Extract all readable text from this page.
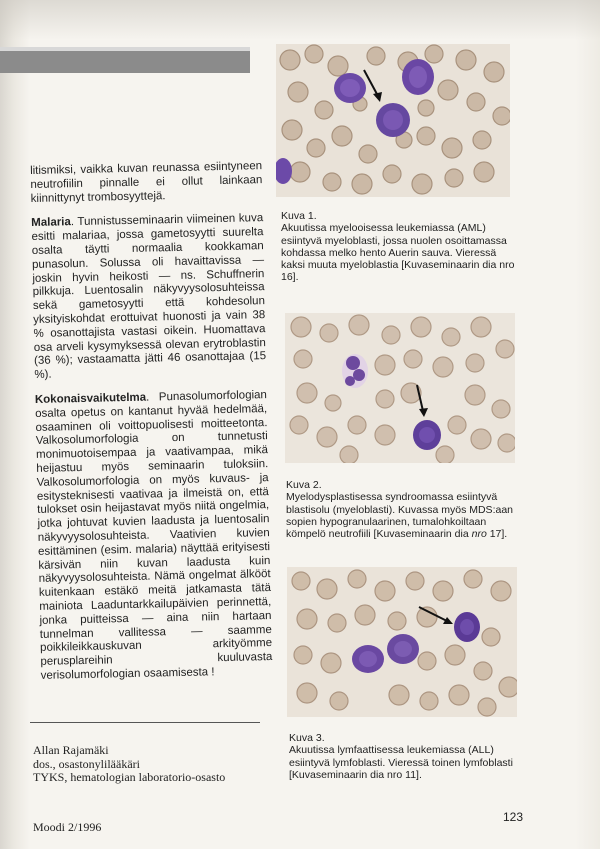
litismiksi, vaikka kuvan reunassa esiintyneen neutrofiilin pinnalle ei ollut lainkaan kiinnittynyt trombosyyttejä.

Malaria. Tunnistusseminaarin viimeinen kuva esitti malariaa, jossa gametosyytti suurelta osalta täytti normaalia kookkaman punasolun. Solussa oli havaittavissa — joskin hyvin heikosti — ns. Schuffnerin pilkkuja. Luentosalin näkyvyysolosuhteissa sekä gametosyytti että kohdesolun yksityiskohdat erottuivat huonosti ja vain 38 % osanottajista vastasi oikein. Huomattava osa arveli kysymyksessä olevan erytroblastin (36 %); vastaamatta jätti 46 osanottajaa (15 %).

Kokonaisvaikutelma. Punasolumorfologian osalta opetus on kantanut hyvää hedelmää, osaaminen oli voittopuolisesti moitteetonta. Valkosolumorfologia on tunnetusti monimuotoisempaa ja vaativampaa, mikä heijastuu myös seminaarin tuloksiin. Valkosolumorfologia on myös kuvaus- ja esitysteknisesti vaativaa ja ilmeistä on, että tulokset osin heijastavat myös niitä ongelmia, jotka johtuvat kuvien laadusta ja luentosalin näkyvyysolosuhteista. Vaativien kuvien esittäminen (esim. malaria) näyttää erityisesti kärsivän niin kuvan laadusta kuin näkyvyysolosuhteista. Nämä ongelmat älkööt kuitenkaan estäkö meitä jatkamasta tätä mainiota Laaduntarkkailupäivien perinnettä, jonka puitteissa — aina niin hartaan tunnelman vallitessa — saamme poikkileikkauskuvan arkityömme perusplareihin kuuluvasta verisolumorfologian osaamisesta !

Allan Rajamäki
dos., osastonylilääkäri
TYKS, hematologian laboratorio-osasto
Moodi 2/1996
123
Kuva 1.
Akuutissa myelooisessa leukemiassa (AML) esiintyvä myeloblasti, jossa nuolen osoittamassa kohdassa melko hento Auerin sauva. Vieressä kaksi muuta myeloblastia [Kuvaseminaarin dia nro 16].
Kuva 2.
Myelodysplastisessa syndroomassa esiintyvä blastisolu (myeloblasti). Kuvassa myös MDS:aan sopien hypogranulaarinen, tumalohkoiltaan kömpelö neutrofiili [Kuvaseminaarin dia nro 17].
Kuva 3.
Akuutissa lymfaattisessa leukemiassa (ALL) esiintyvä lymfoblasti. Vieressä toinen lymfoblasti [Kuvaseminaarin dia nro 11].
